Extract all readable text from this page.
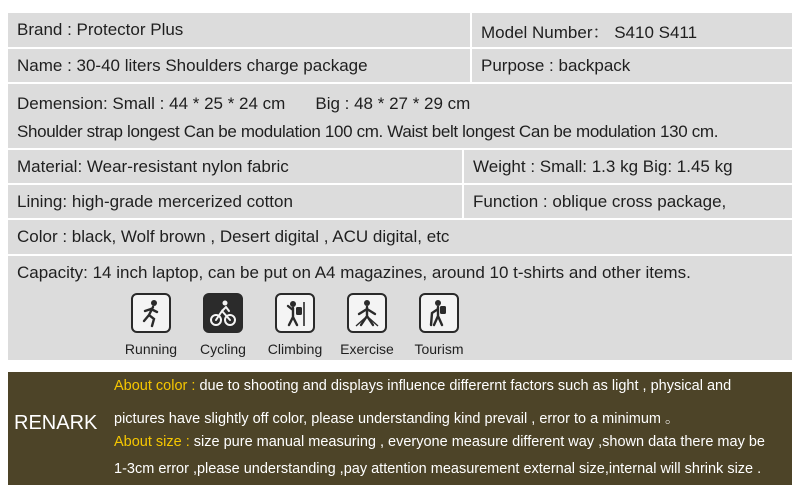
Brand : Protector Plus	Model Number： S410 S411
Name : 30-40 liters Shoulders charge package	Purpose : backpack
Demension: Small : 44 * 25 * 24 cm Big : 48 * 27 * 29 cm
Shoulder strap longest Can be modulation 100 cm. Waist belt longest Can be modulation 130 cm.
Material: Wear-resistant nylon fabric	Weight : Small: 1.3 kg Big: 1.45 kg
Lining: high-grade mercerized cotton	Function : oblique cross package,
Color : black, Wolf brown , Desert digital , ACU digital, etc
Capacity: 14 inch laptop, can be put on A4 magazines, around 10 t-shirts and other items.
Running Cycling Climbing Exercise Tourism
RENARK
About color : due to shooting and displays influence differernt factors such as light , physical and
pictures have slightly off color, please understanding kind prevail , error to a minimum 。
About size : size pure manual measuring , everyone measure different way ,shown data there may be
1-3cm error ,please understanding ,pay attention measurement external size,internal will shrink size .
